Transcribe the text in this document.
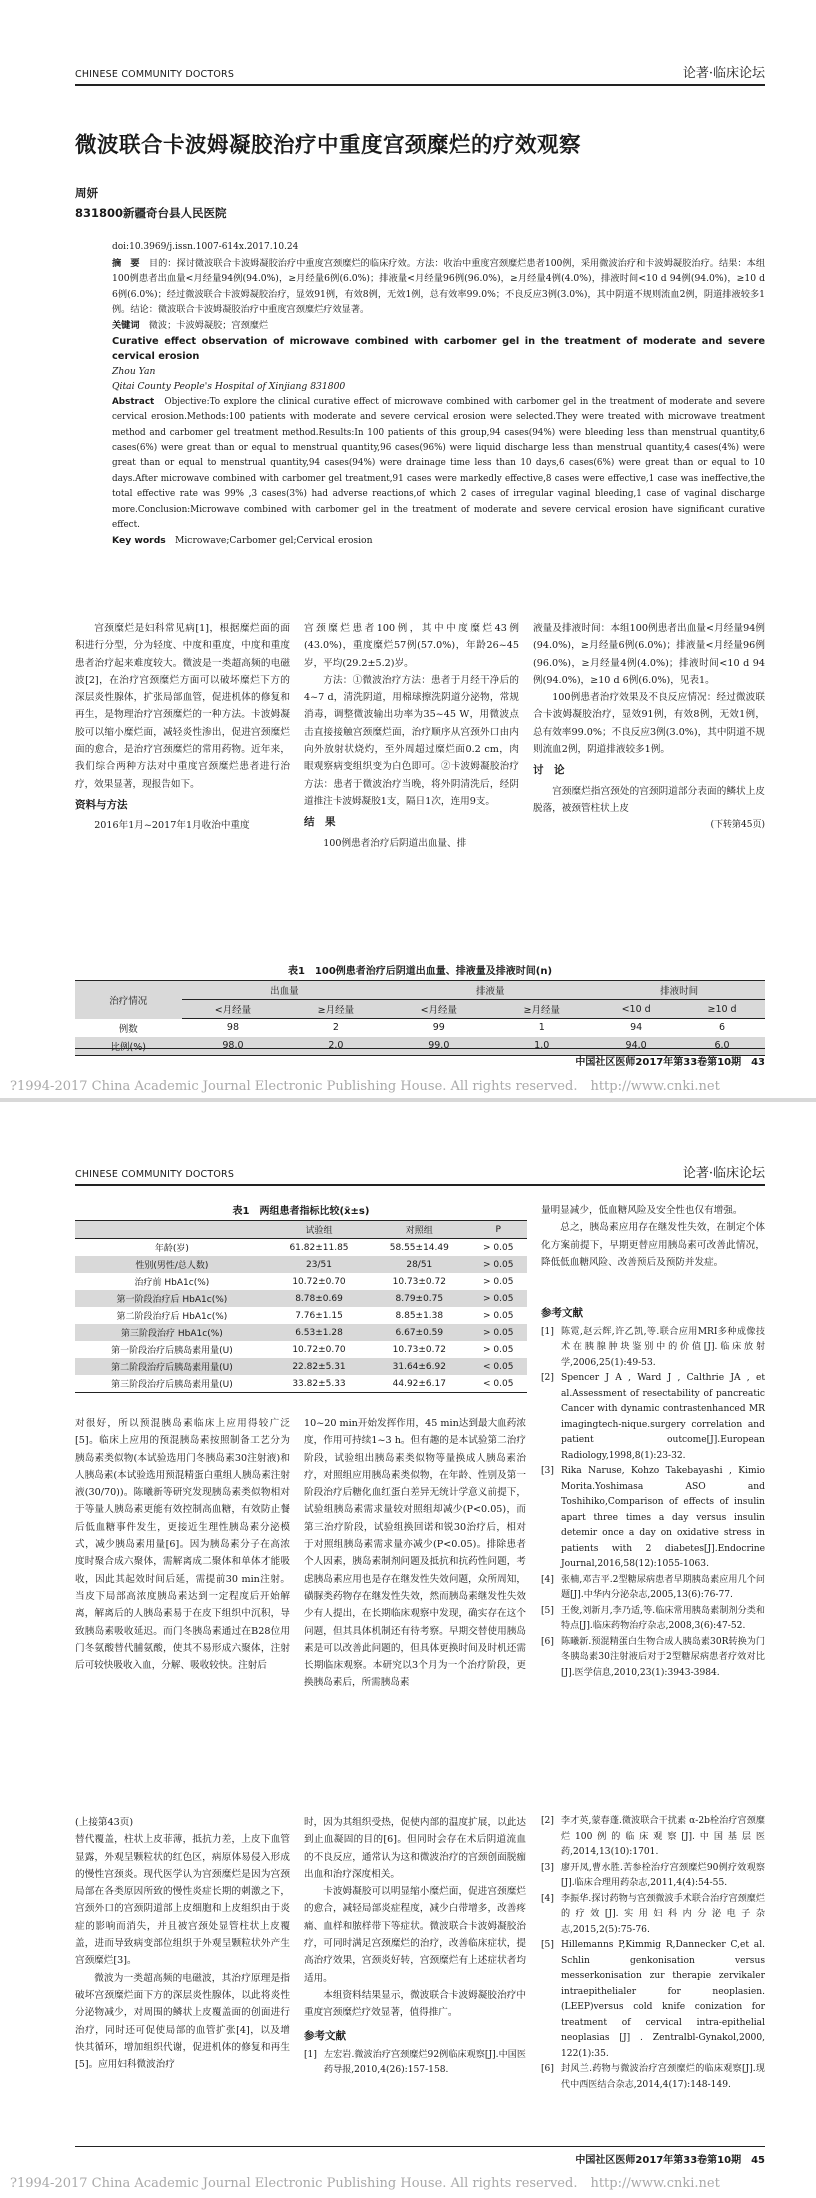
CHINESE COMMUNITY DOCTORS	论著·临床论坛
微波联合卡波姆凝胶治疗中重度宫颈糜烂的疗效观察
周妍
831800新疆奇台县人民医院

doi:10.3969/j.issn.1007-614x.2017.10.24

摘　要　 目的：探讨微波联合卡波姆凝胶治疗中重度宫颈糜烂的临床疗效。方法：收治中重度宫颈糜烂患者100例，采用微波治疗和卡波姆凝胶治疗。结果：本组100例患者出血量<月经量94例(94.0%)，≥月经量6例(6.0%)；排液量<月经量96例(96.0%)，≥月经量4例(4.0%)，排液时间<10 d 94例(94.0%)，≥10 d 6例(6.0%)；经过微波联合卡波姆凝胶治疗，显效91例，有效8例，无效1例，总有效率99.0%；不良反应3例(3.0%)，其中阴道不规则流血2例，阴道排液较多1例。结论：微波联合卡波姆凝胶治疗中重度宫颈糜烂疗效显著。

关键词　 微波；卡波姆凝胶；宫颈糜烂

Curative effect observation of microwave combined with carbomer gel in the treatment of moderate and severe cervical erosion

Zhou Yan

Qitai County People's Hospital of Xinjiang 831800

Abstract　 Objective:To explore the clinical curative effect of microwave combined with carbomer gel in the treatment of moderate and severe cervical erosion.Methods:100 patients with moderate and severe cervical erosion were selected.They were treated with microwave treatment method and carbomer gel treatment method.Results:In 100 patients of this group,94 cases(94%) were bleeding less than menstrual quantity,6 cases(6%) were great than or equal to menstrual quantity,96 cases(96%) were liquid discharge less than menstrual quantity,4 cases(4%) were great than or equal to menstrual quantity,94 cases(94%) were drainage time less than 10 days,6 cases(6%) were great than or equal to 10 days.After microwave combined with carbomer gel treatment,91 cases were markedly effective,8 cases were effective,1 case was ineffective,the total effective rate was 99% ,3 cases(3%) had adverse reactions,of which 2 cases of irregular vaginal bleeding,1 case of vaginal discharge more.Conclusion:Microwave combined with carbomer gel in the treatment of moderate and severe cervical erosion have significant curative effect.

Key words　 Microwave;Carbomer gel;Cervical erosion

宫颈糜烂是妇科常见病[1]，根据糜烂面的面积进行分型，分为轻度、中度和重度，中度和重度患者治疗起来难度较大。微波是一类超高频的电磁波[2]，在治疗宫颈糜烂方面可以破坏糜烂下方的深层炎性腺体，扩张局部血管，促进机体的修复和再生，是物理治疗宫颈糜烂的一种方法。卡波姆凝胶可以缩小糜烂面，减轻炎性渗出，促进宫颈糜烂面的愈合，是治疗宫颈糜烂的常用药物。近年来，我们综合两种方法对中重度宫颈糜烂患者进行治疗，效果显著，现报告如下。

资料与方法

2016年1月~2017年1月收治中重度

宫颈糜烂患者100例，其中中度糜烂43例(43.0%)，重度糜烂57例(57.0%)，年龄26~45岁，平均(29.2±5.2)岁。

方法：①微波治疗方法：患者于月经干净后的4~7 d，清洗阴道，用棉球擦洗阴道分泌物，常规消毒，调整微波输出功率为35~45 W，用微波点击直接接触宫颈糜烂面，治疗顺序从宫颈外口由内向外放射状烧灼，至外周超过糜烂面0.2 cm，肉眼观察病变组织变为白色即可。②卡波姆凝胶治疗方法：患者于微波治疗当晚，将外阴清洗后，经阴道推注卡波姆凝胶1支，隔日1次，连用9支。

结　果

100例患者治疗后阴道出血量、排

液量及排液时间：本组100例患者出血量<月经量94例(94.0%)，≥月经量6例(6.0%)；排液量<月经量96例(96.0%)，≥月经量4例(4.0%)；排液时间<10 d 94例(94.0%)，≥10 d 6例(6.0%)，见表1。

100例患者治疗效果及不良反应情况：经过微波联合卡波姆凝胶治疗，显效91例，有效8例，无效1例，总有效率99.0%；不良反应3例(3.0%)，其中阴道不规则流血2例，阴道排液较多1例。

讨　论

宫颈糜烂指宫颈处的宫颈阴道部分表面的鳞状上皮脱落，被颈管柱状上皮

(下转第45页)

表1　100例患者治疗后阴道出血量、排液量及排液时间(n)
治疗情况	出血量		排液量		排液时间	
	<月经量	≥月经量	<月经量	≥月经量	<10 d	≥10 d
例数	98	2	99	1	94	6
比例(%)	98.0	2.0	99.0	1.0	94.0	6.0
中国社区医师2017年第33卷第10期　43
?1994-2017 China Academic Journal Electronic Publishing House. All rights reserved.　http://www.cnki.net
CHINESE COMMUNITY DOCTORS	论著·临床论坛
表1　两组患者指标比较(x̄±s)
	试验组	对照组	P
年龄(岁)	61.82±11.85	58.55±14.49	> 0.05
性别(男性/总人数)	23/51	28/51	> 0.05
治疗前 HbA1c(%)	10.72±0.70	10.73±0.72	> 0.05
第一阶段治疗后 HbA1c(%)	8.78±0.69	8.79±0.75	> 0.05
第二阶段治疗后 HbA1c(%)	7.76±1.15	8.85±1.38	> 0.05
第三阶段治疗 HbA1c(%)	6.53±1.28	6.67±0.59	> 0.05
第一阶段治疗后胰岛素用量(U)	10.72±0.70	10.73±0.72	> 0.05
第二阶段治疗后胰岛素用量(U)	22.82±5.31	31.64±6.92	< 0.05
第三阶段治疗后胰岛素用量(U)	33.82±5.33	44.92±6.17	< 0.05

量明显减少，低血糖风险及安全性也仅有增强。

总之，胰岛素应用存在继发性失效，在制定个体化方案前提下，早期更替应用胰岛素可改善此情况，降低低血糖风险、改善预后及预防并发症。

参考文献

[1] 陈霓,赵云辉,许乙凯,等.联合应用MRI多种成像技术在胰腺肿块鉴别中的价值[J].临床放射学,2006,25(1):49-53.
[2] Spencer J A , Ward J , Calthrie JA , et al.Assessment of resectability of pancreatic Cancer with dynamic contrastenhanced MR imagingtech-nique.surgery correlation and patient outcome[J].European Radiology,1998,8(1):23-32.
[3] Rika Naruse, Kohzo Takebayashi , Kimio Morita.Yoshimasa ASO and Toshihiko,Comparison of effects of insulin apart three times a day versus insulin detemir once a day on oxidative stress in patients with 2 diabetes[J].Endocrine Journal,2016,58(12):1055-1063.
[4] 张楠,邓吉平.2型糖尿病患者早期胰岛素应用几个问题[J].中华内分泌杂志,2005,13(6):76-77.
[5] 王俊,刘新月,李乃适,等.临床常用胰岛素制剂分类和特点[J].临床药物治疗杂志,2008,3(6):47-52.
[6] 陈曦新.预混精蛋白生物合成人胰岛素30R转换为门冬胰岛素30注射液后对于2型糖尿病患者疗效对比[J].医学信息,2010,23(1):3943-3984.

对很好，所以预混胰岛素临床上应用得较广泛[5]。临床上应用的预混胰岛素按照制备工艺分为胰岛素类似物(本试验选用门冬胰岛素30注射液)和人胰岛素(本试验选用预混精蛋白重组人胰岛素注射液(30/70))。陈曦新等研究发现胰岛素类似物相对于等量人胰岛素更能有效控制高血糖，有效防止餐后低血糖事件发生，更接近生理性胰岛素分泌模式，减少胰岛素用量[6]。因为胰岛素分子在高浓度时聚合成六聚体，需解离成二聚体和单体才能吸收，因此其起效时间后延，需提前30 min注射。当皮下局部高浓度胰岛素达到一定程度后开始解离，解离后的人胰岛素易于在皮下组织中沉积，导致胰岛素吸收延迟。而门冬胰岛素通过在B28位用门冬氨酸替代脯氨酸，使其不易形成六聚体，注射后可较快吸收入血，分解、吸收较快。注射后

10~20 min开始发挥作用，45 min达到最大血药浓度，作用可持续1~3 h。但有趣的是本试验第二治疗阶段，试验组出胰岛素类似物等量换成人胰岛素治疗，对照组应用胰岛素类似物，在年龄、性别及第一阶段治疗后糖化血红蛋白差异无统计学意义前提下，试验组胰岛素需求量较对照组却减少(P<0.05)，而第三治疗阶段，试验组换回诺和锐30治疗后，相对于对照组胰岛素需求量亦减少(P<0.05)。排除患者个人因素，胰岛素制剂问题及抵抗和抗药性问题，考虑胰岛素应用也是存在继发性失效问题，众所周知，磺脲类药物存在继发性失效，然而胰岛素继发性失效少有人提出，在长期临床观察中发现，确实存在这个问题，但其具体机制还有待考察。早期交替使用胰岛素是可以改善此问题的，但具体更换时间及时机还需长期临床观察。本研究以3个月为一个治疗阶段，更换胰岛素后，所需胰岛素

(上接第43页)

替代覆盖，柱状上皮菲薄，抵抗力差，上皮下血管显露，外观呈颗粒状的红色区，病原体易侵入形成的慢性宫颈炎。现代医学认为宫颈糜烂是因为宫颈局部在各类原因所致的慢性炎症长期的刺激之下，宫颈外口的宫颈阴道部上皮细胞和上皮组织由于炎症的影响而消失，并且被宫颈处显管柱状上皮覆盖，进而导致病变部位组织于外观呈颗粒状外产生宫颈糜烂[3]。

微波为一类超高频的电磁波，其治疗原理是指破坏宫颈糜烂面下方的深层炎性腺体，以此将炎性分泌物减少，对周围的鳞状上皮覆盖面的创面进行治疗，同时还可促使局部的血管扩张[4]，以及增快其循环，增加组织代谢，促进机体的修复和再生[5]。应用妇科微波治疗

时，因为其组织受热，促使内部的温度扩展，以此达到止血凝固的目的[6]。但同时会存在术后阴道流血的不良反应，通常认为这和微波治疗的宫颈创面脱痂出血和治疗深度相关。

卡波姆凝胶可以明显缩小糜烂面，促进宫颈糜烂的愈合，减轻局部炎症程度，减少白带增多，改善疼痛、血样和脓样带下等症状。微波联合卡波姆凝胶治疗，可同时满足宫颈糜烂的治疗，改善临床症状，提高治疗效果，宫颈炎好转，宫颈糜烂有上述症状者均适用。

本组资料结果显示，微波联合卡波姆凝胶治疗中重度宫颈糜烂疗效显著，值得推广。

参考文献

[1] 左宏岩.微波治疗宫颈糜烂92例临床观察[J].中国医药导报,2010,4(26):157-158.
[2] 李才英,蒙春蓬.微波联合干扰素 α-2b栓治疗宫颈糜烂100例的临床观察[J].中国基层医药,2014,13(10):1701.
[3] 廖开凤,曹水胜.苦参栓治疗宫颈糜烂90例疗效观察[J].临床合理用药杂志,2011,4(4):54-55.
[4] 李振华.探讨药物与宫颈微波手术联合治疗宫颈糜烂的疗效[J].实用妇科内分泌电子杂志,2015,2(5):75-76.
[5] Hillemanns P,Kimmig R,Dannecker C,et al. Schlin genkonisation versus messerkonisation zur therapie zervikaler intraepithelialer for neoplasien.(LEEP)versus cold knife conization for treatment of cervical intra-epithelial neoplasias [J] . Zentralbl-Gynakol,2000, 122(1):35.
[6] 封风兰.药物与微波治疗宫颈糜烂的临床观察[J].现代中西医结合杂志,2014,4(17):148-149.
中国社区医师2017年第33卷第10期　45
?1994-2017 China Academic Journal Electronic Publishing House. All rights reserved.　http://www.cnki.net
